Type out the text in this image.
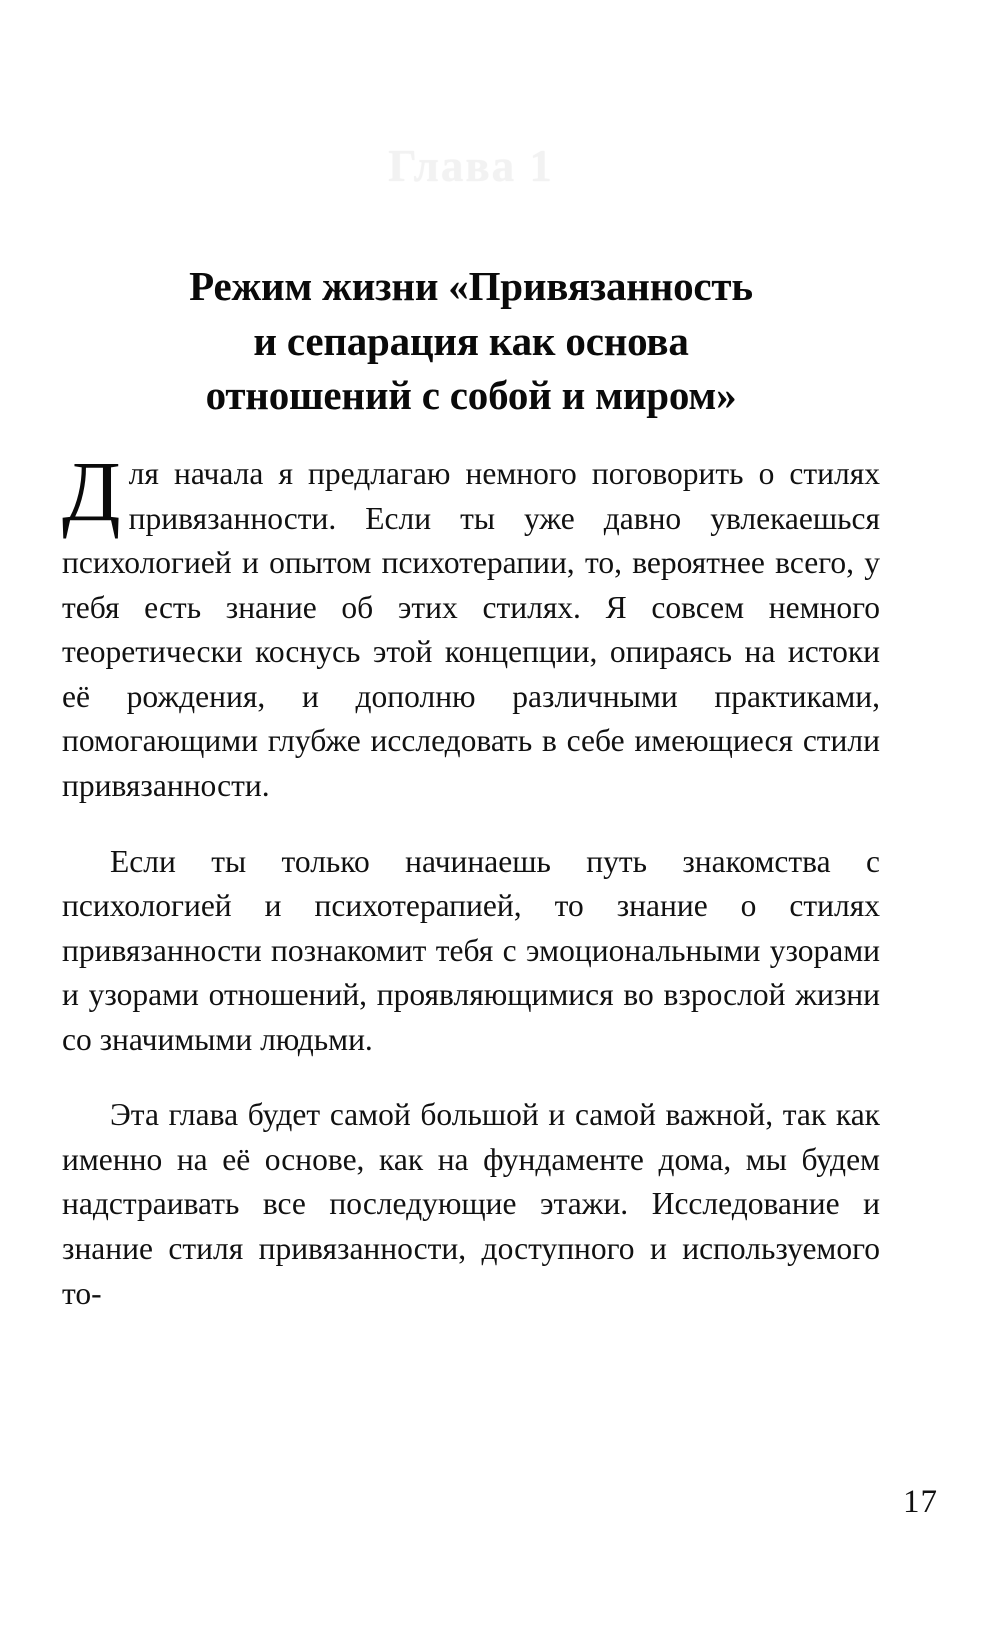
Глава 1
Режим жизни «Привязанность
и сепарация как основа
отношений с собой и миром»

Для начала я предлагаю немного поговорить о стилях привязанности. Если ты уже давно увлекаешься психологией и опытом психотерапии, то, вероятнее всего, у тебя есть знание об этих стилях. Я совсем немного теоретически коснусь этой концепции, опираясь на истоки её рождения, и дополню различными практиками, помогающими глубже исследовать в себе имеющиеся стили привязанности.

Если ты только начинаешь путь знакомства с психологией и психотерапией, то знание о стилях привязанности познакомит тебя с эмоциональными узорами и узорами отношений, проявляющимися во взрослой жизни со значимыми людьми.

Эта глава будет самой большой и самой важной, так как именно на её основе, как на фундаменте дома, мы будем надстраивать все последующие этажи. Исследование и знание стиля привязанности, доступного и используемого то-

17
